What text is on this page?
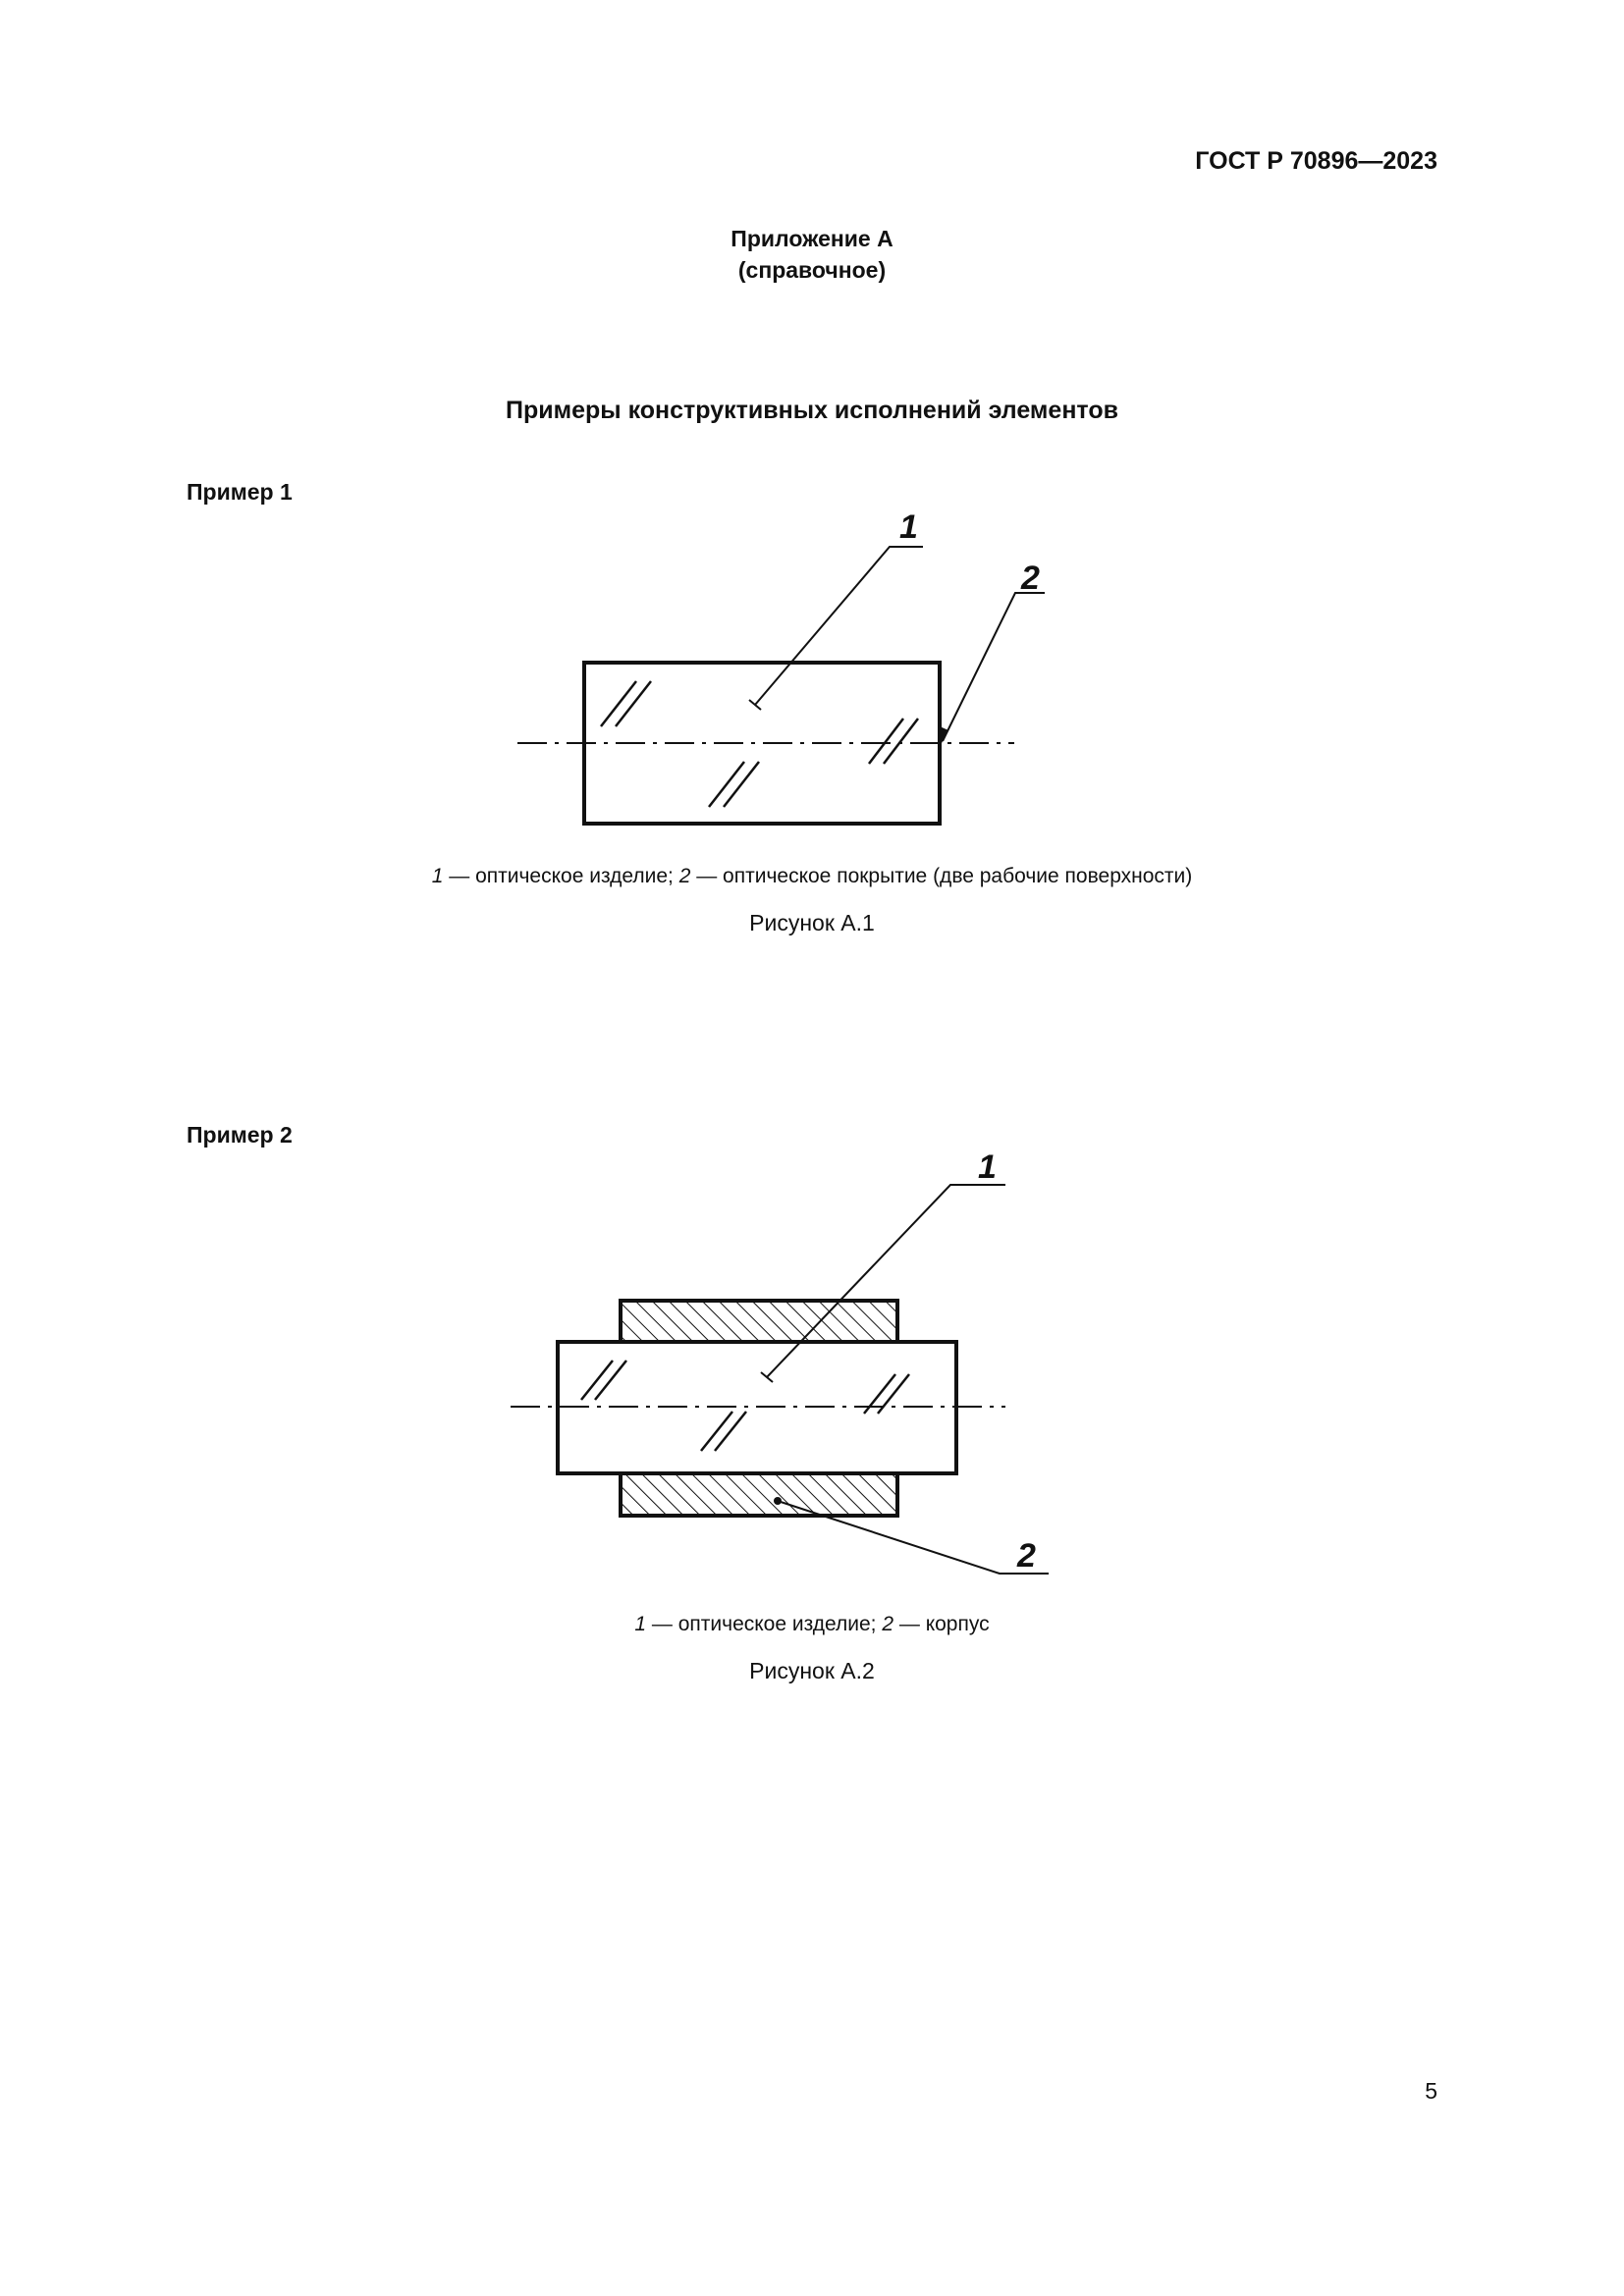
ГОСТ Р 70896—2023
Приложение А
(справочное)
Примеры конструктивных исполнений элементов
Пример 1
1
2
1 — оптическое изделие; 2 — оптическое покрытие (две рабочие поверхности)
Рисунок А.1
Пример 2
1
2
1 — оптическое изделие; 2 — корпус
Рисунок А.2
5
